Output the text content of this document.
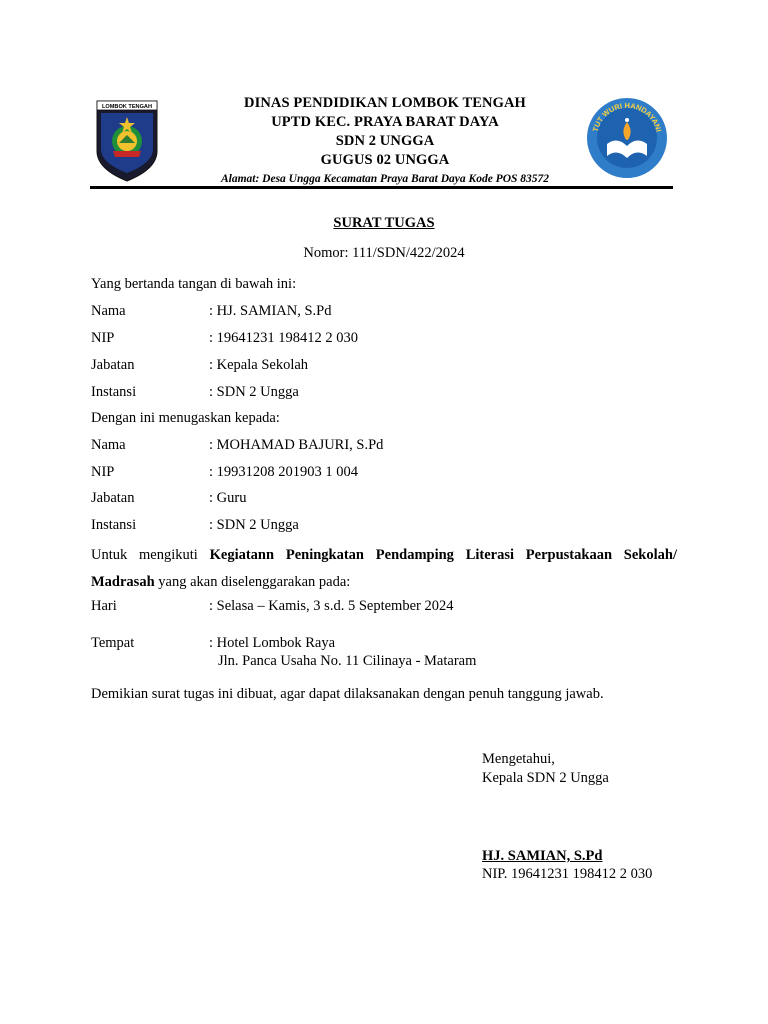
LOMBOK TENGAH	DINAS PENDIDIKAN LOMBOK TENGAH
UPTD KEC. PRAYA BARAT DAYA
SDN 2 UNGGA
GUGUS 02 UNGGA
Alamat: Desa Ungga Kecamatan Praya Barat Daya Kode POS 83572
TUT WURI HANDAYANI
SURAT TUGAS
Nomor: 111/SDN/422/2024
Yang bertanda tangan di bawah ini:
Nama	: HJ. SAMIAN, S.Pd
NIP	: 19641231 198412 2 030
Jabatan	: Kepala Sekolah
Instansi	: SDN 2 Ungga
Dengan ini menugaskan kepada:
Nama	: MOHAMAD BAJURI, S.Pd
NIP	: 19931208 201903 1 004
Jabatan	: Guru
Instansi	: SDN 2 Ungga
Untuk mengikuti Kegiatann Peningkatan Pendamping Literasi Perpustakaan Sekolah/ Madrasah yang akan diselenggarakan pada:
Hari	: Selasa – Kamis, 3 s.d. 5 September 2024
Tempat	: Hotel Lombok Raya
Jln. Panca Usaha No. 11 Cilinaya - Mataram
Demikian surat tugas ini dibuat, agar dapat dilaksanakan dengan penuh tanggung jawab.
Mengetahui,
Kepala SDN 2 Ungga
HJ. SAMIAN, S.Pd
NIP. 19641231 198412 2 030
